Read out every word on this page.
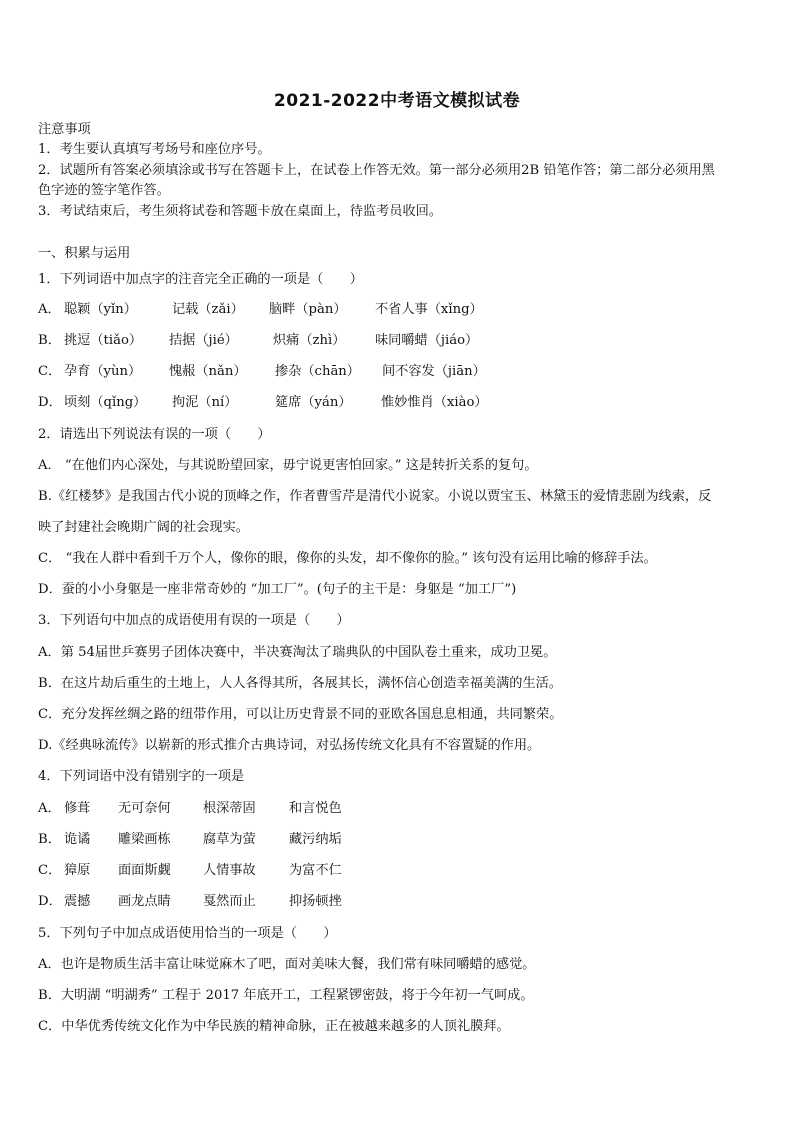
2021-2022中考语文模拟试卷
注意事项
1．考生要认真填写考场号和座位序号。
2．试题所有答案必须填涂或书写在答题卡上，在试卷上作答无效。第一部分必须用2B 铅笔作答；第二部分必须用黑
色字迹的签字笔作答。
3．考试结束后，考生须将试卷和答题卡放在桌面上，待监考员收回。
一、积累与运用
1．下列词语中加点字的注音完全正确的一项是（　　）
A． 聪颖（yǐn）	记载（zǎi） 脑畔（pàn） 不省人事（xǐng）
B． 挑逗（tiǎo） 拮据（jié）	炽痛（zhì） 味同嚼蜡（jiáo）
C． 孕育（yùn） 愧赧（nǎn） 掺杂（chān） 间不容发（jiān）
D． 顷刻（qǐng） 拘泥（ní）	筵席（yán） 惟妙惟肖（xiào）
2．请选出下列说法有误的一项（　　）
A． “在他们内心深处，与其说盼望回家，毋宁说更害怕回家。” 这是转折关系的复句。
B.《红楼梦》是我国古代小说的顶峰之作，作者曹雪芹是清代小说家。小说以贾宝玉、林黛玉的爱情悲剧为线索，反
映了封建社会晚期广阔的社会现实。
C． “我在人群中看到千万个人，像你的眼，像你的头发，却不像你的脸。” 该句没有运用比喻的修辞手法。
D．蚕的小小身躯是一座非常奇妙的 “加工厂”。(句子的主干是：身躯是 “加工厂”)
3．下列语句中加点的成语使用有误的一项是（　　）
A．第 54届世乒赛男子团体决赛中，半决赛淘汰了瑞典队的中国队卷土重来，成功卫冕。
B．在这片劫后重生的土地上，人人各得其所，各展其长，满怀信心创造幸福美满的生活。
C．充分发挥丝绸之路的纽带作用，可以让历史背景不同的亚欧各国息息相通，共同繁荣。
D.《经典咏流传》以崭新的形式推介古典诗词，对弘扬传统文化具有不容置疑的作用。
4．下列词语中没有错别字的一项是
A． 修葺 无可奈何 根深蒂固	和言悦色
B． 诡谲 雕梁画栋 腐草为萤	藏污纳垢
C． 獐原 面面斯觑 人情事故	为富不仁
D． 震撼 画龙点睛 戛然而止	抑扬顿挫
5．下列句子中加点成语使用恰当的一项是（　　）
A．也许是物质生活丰富让味觉麻木了吧，面对美味大餐，我们常有味同嚼蜡的感觉。
B．大明湖 “明湖秀” 工程于 2017 年底开工，工程紧锣密鼓，将于今年初一气呵成。
C．中华优秀传统文化作为中华民族的精神命脉，正在被越来越多的人顶礼膜拜。
